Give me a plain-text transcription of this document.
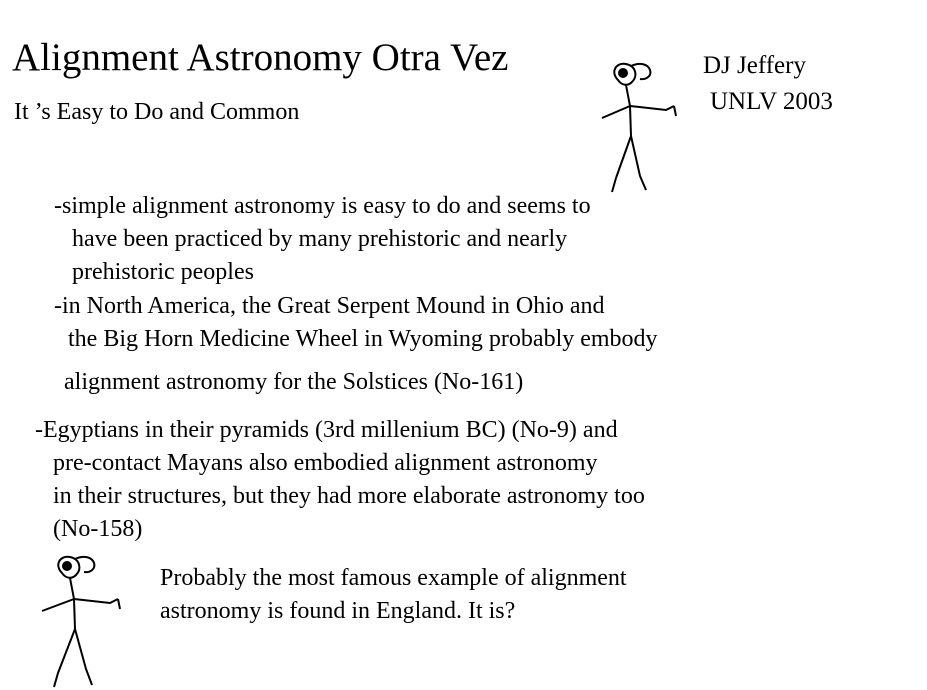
Alignment Astronomy Otra Vez
It ’s Easy to Do and Common
DJ Jeffery
UNLV 2003
-simple alignment astronomy is easy to do and seems to
have been practiced by many prehistoric and nearly
prehistoric peoples
-in North America, the Great Serpent Mound in Ohio and
the Big Horn Medicine Wheel in Wyoming probably embody
alignment astronomy for the Solstices (No-161)
-Egyptians in their pyramids (3rd millenium BC) (No-9) and
pre-contact Mayans also embodied alignment astronomy
in their structures, but they had more elaborate astronomy too
(No-158)
Probably the most famous example of alignment
astronomy is found in England. It is?
